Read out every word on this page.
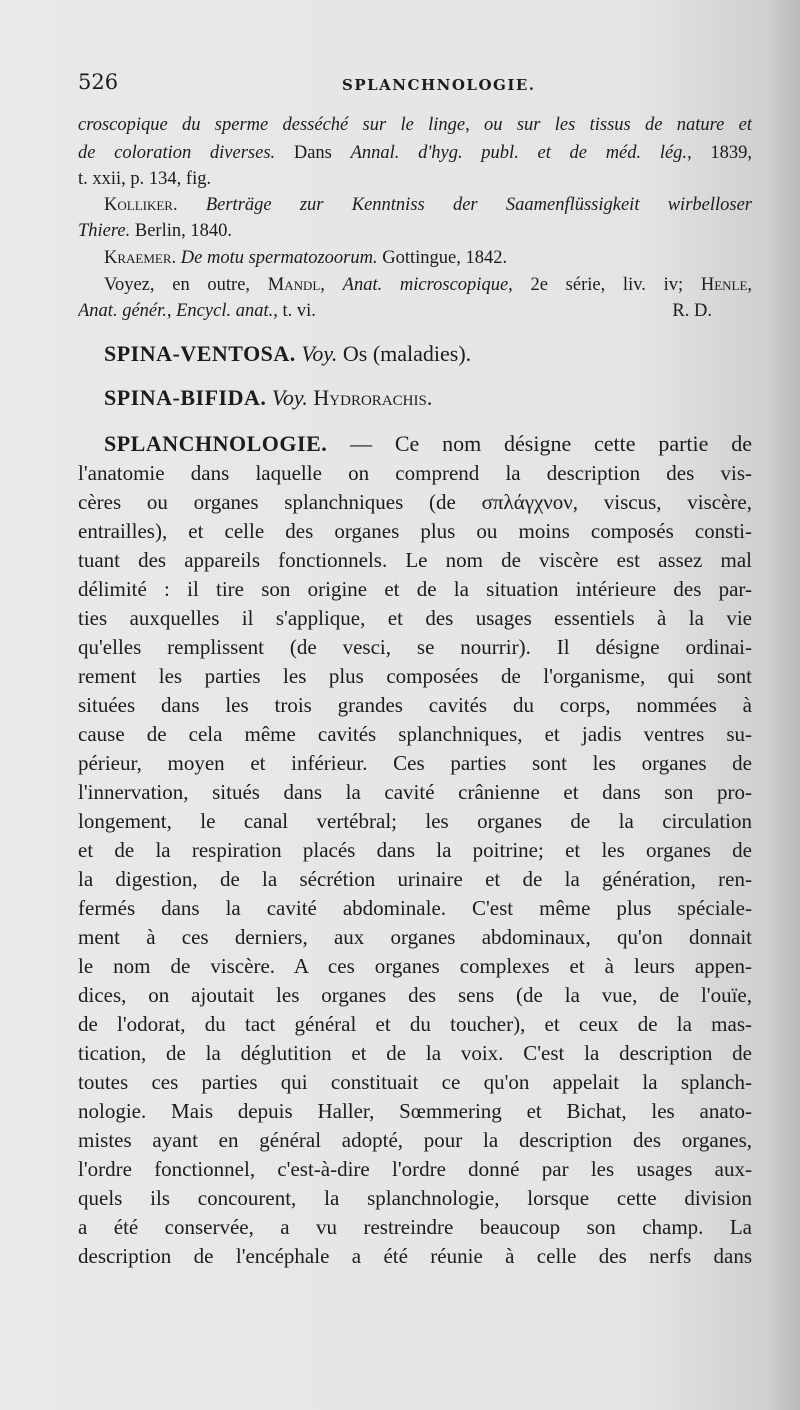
526	SPLANCHNOLOGIE.
croscopique du sperme desséché sur le linge, ou sur les tissus de nature et
de coloration diverses. Dans Annal. d'hyg. publ. et de méd. lég., 1839,
t. xxii, p. 134, fig.
Kolliker. Berträge zur Kenntniss der Saamenflüssigkeit wirbelloser
Thiere. Berlin, 1840.
Kraemer. De motu spermatozoorum. Gottingue, 1842.
Voyez, en outre, Mandl, Anat. microscopique, 2e série, liv. iv; Henle,
Anat. génér., Encycl. anat., t. vi.	R. D.
SPINA-VENTOSA. Voy. Os (maladies).
SPINA-BIFIDA. Voy. Hydrorachis.
SPLANCHNOLOGIE. — Ce nom désigne cette partie de
l'anatomie dans laquelle on comprend la description des vis-
cères ou organes splanchniques (de σπλάγχνον, viscus, viscère,
entrailles), et celle des organes plus ou moins composés consti-
tuant des appareils fonctionnels. Le nom de viscère est assez mal
délimité : il tire son origine et de la situation intérieure des par-
ties auxquelles il s'applique, et des usages essentiels à la vie
qu'elles remplissent (de vesci, se nourrir). Il désigne ordinai-
rement les parties les plus composées de l'organisme, qui sont
situées dans les trois grandes cavités du corps, nommées à
cause de cela même cavités splanchniques, et jadis ventres su-
périeur, moyen et inférieur. Ces parties sont les organes de
l'innervation, situés dans la cavité crânienne et dans son pro-
longement, le canal vertébral; les organes de la circulation
et de la respiration placés dans la poitrine; et les organes de
la digestion, de la sécrétion urinaire et de la génération, ren-
fermés dans la cavité abdominale. C'est même plus spéciale-
ment à ces derniers, aux organes abdominaux, qu'on donnait
le nom de viscère. A ces organes complexes et à leurs appen-
dices, on ajoutait les organes des sens (de la vue, de l'ouïe,
de l'odorat, du tact général et du toucher), et ceux de la mas-
tication, de la déglutition et de la voix. C'est la description de
toutes ces parties qui constituait ce qu'on appelait la splanch-
nologie. Mais depuis Haller, Sœmmering et Bichat, les anato-
mistes ayant en général adopté, pour la description des organes,
l'ordre fonctionnel, c'est-à-dire l'ordre donné par les usages aux-
quels ils concourent, la splanchnologie, lorsque cette division
a été conservée, a vu restreindre beaucoup son champ. La
description de l'encéphale a été réunie à celle des nerfs dans
